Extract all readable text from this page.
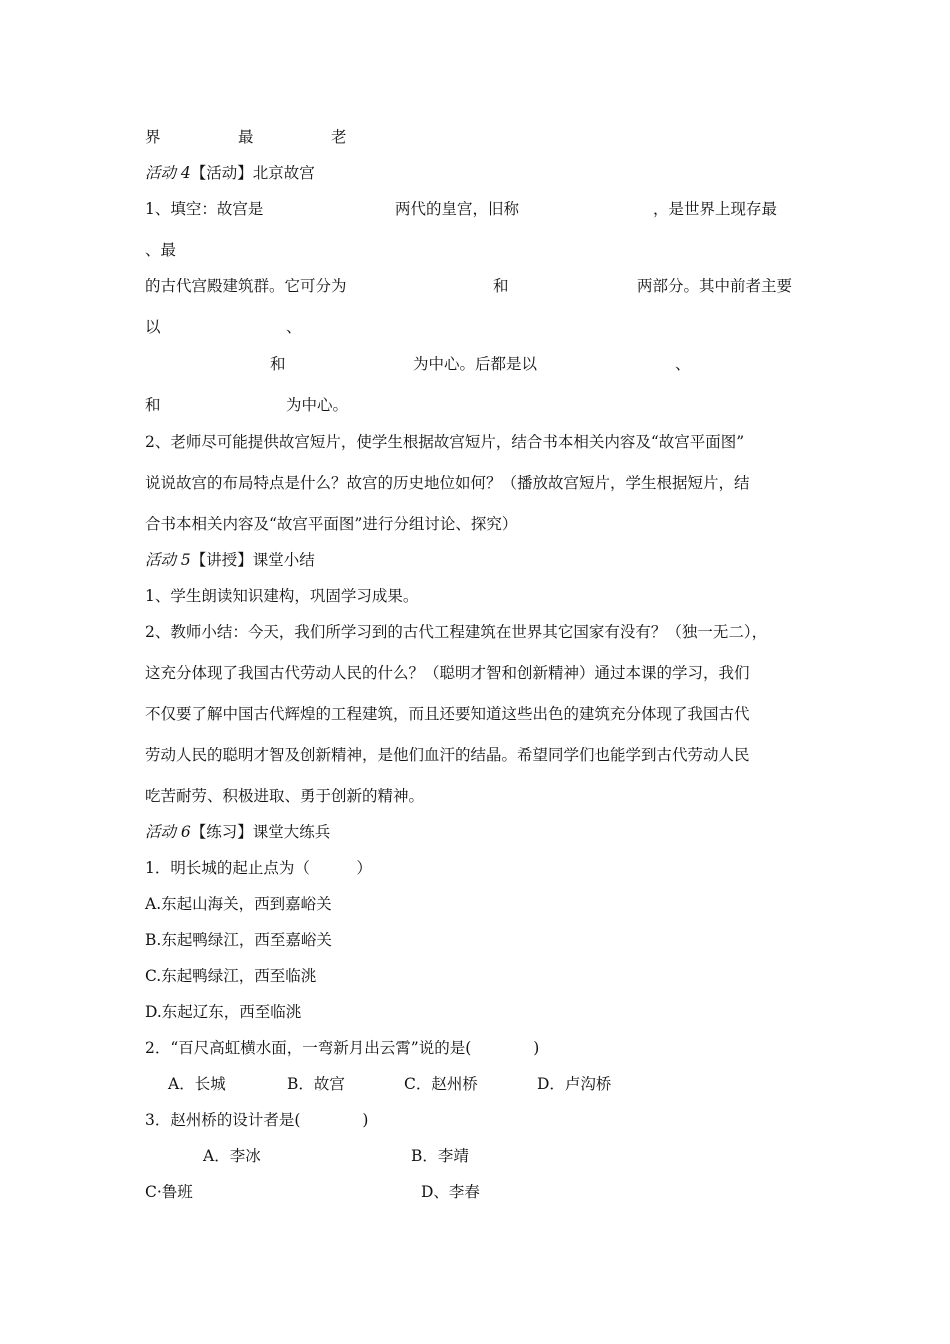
界	最	老
活动 4【活动】北京故宫
1、填空：故宫是	两代的皇宫，旧称	，是世界上现存最
、最
的古代宫殿建筑群。它可分为	和	两部分。其中前者主要
以	、
和	为中心。后都是以	、
和	为中心。
2、老师尽可能提供故宫短片，使学生根据故宫短片，结合书本相关内容及“故宫平面图”
说说故宫的布局特点是什么？故宫的历史地位如何？（播放故宫短片，学生根据短片，结
合书本相关内容及“故宫平面图”进行分组讨论、探究）
活动 5【讲授】课堂小结
1、学生朗读知识建构，巩固学习成果。
2、教师小结：今天，我们所学习到的古代工程建筑在世界其它国家有没有？（独一无二），
这充分体现了我国古代劳动人民的什么？（聪明才智和创新精神）通过本课的学习，我们
不仅要了解中国古代辉煌的工程建筑，而且还要知道这些出色的建筑充分体现了我国古代
劳动人民的聪明才智及创新精神，是他们血汗的结晶。希望同学们也能学到古代劳动人民
吃苦耐劳、积极进取、勇于创新的精神。
活动 6【练习】课堂大练兵
1．明长城的起止点为（　　　）
A.东起山海关，西到嘉峪关
B.东起鸭绿江，西至嘉峪关
C.东起鸭绿江，西至临洮
D.东起辽东，西至临洮
2．“百尺高虹横水面，一弯新月出云霄”说的是(　　　　)
A．长城	B．故宫	C．赵州桥	D．卢沟桥
3．赵州桥的设计者是(　　　　)
A．李冰	B．李靖
C·鲁班	D、李春
